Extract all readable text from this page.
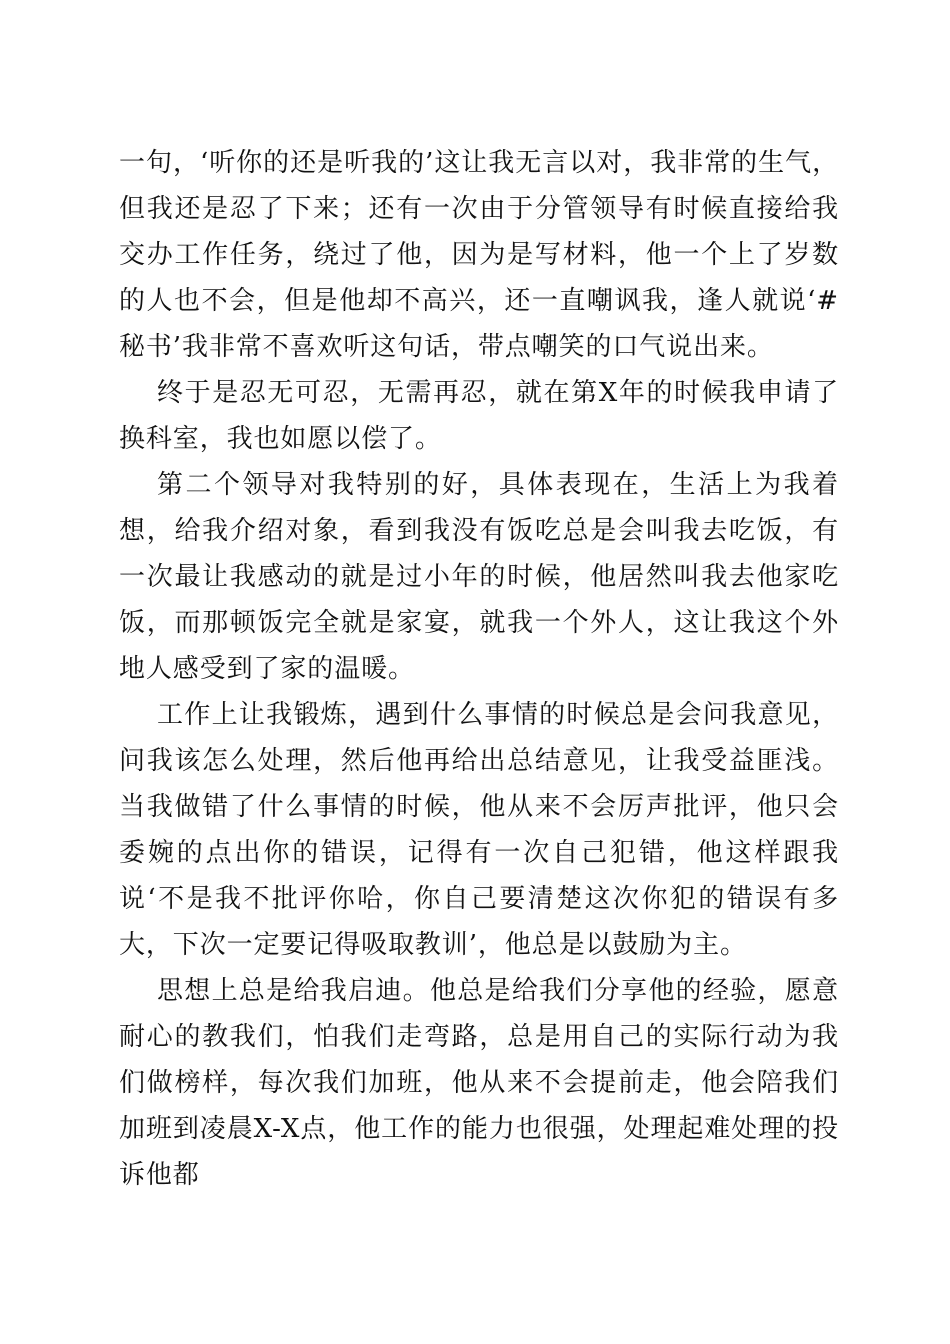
一句，‘听你的还是听我的’这让我无言以对，我非常的生气，但我还是忍了下来；还有一次由于分管领导有时候直接给我交办工作任务，绕过了他，因为是写材料，他一个上了岁数的人也不会，但是他却不高兴，还一直嘲讽我，逢人就说‘#秘书’我非常不喜欢听这句话，带点嘲笑的口气说出来。

终于是忍无可忍，无需再忍，就在第X年的时候我申请了换科室，我也如愿以偿了。

第二个领导对我特别的好，具体表现在，生活上为我着想，给我介绍对象，看到我没有饭吃总是会叫我去吃饭，有一次最让我感动的就是过小年的时候，他居然叫我去他家吃饭，而那顿饭完全就是家宴，就我一个外人，这让我这个外地人感受到了家的温暖。

工作上让我锻炼，遇到什么事情的时候总是会问我意见，问我该怎么处理，然后他再给出总结意见，让我受益匪浅。当我做错了什么事情的时候，他从来不会厉声批评，他只会委婉的点出你的错误，记得有一次自己犯错，他这样跟我说‘不是我不批评你哈，你自己要清楚这次你犯的错误有多大，下次一定要记得吸取教训’，他总是以鼓励为主。

思想上总是给我启迪。他总是给我们分享他的经验，愿意耐心的教我们，怕我们走弯路，总是用自己的实际行动为我们做榜样，每次我们加班，他从来不会提前走，他会陪我们加班到凌晨X-X点，他工作的能力也很强，处理起难处理的投诉他都
